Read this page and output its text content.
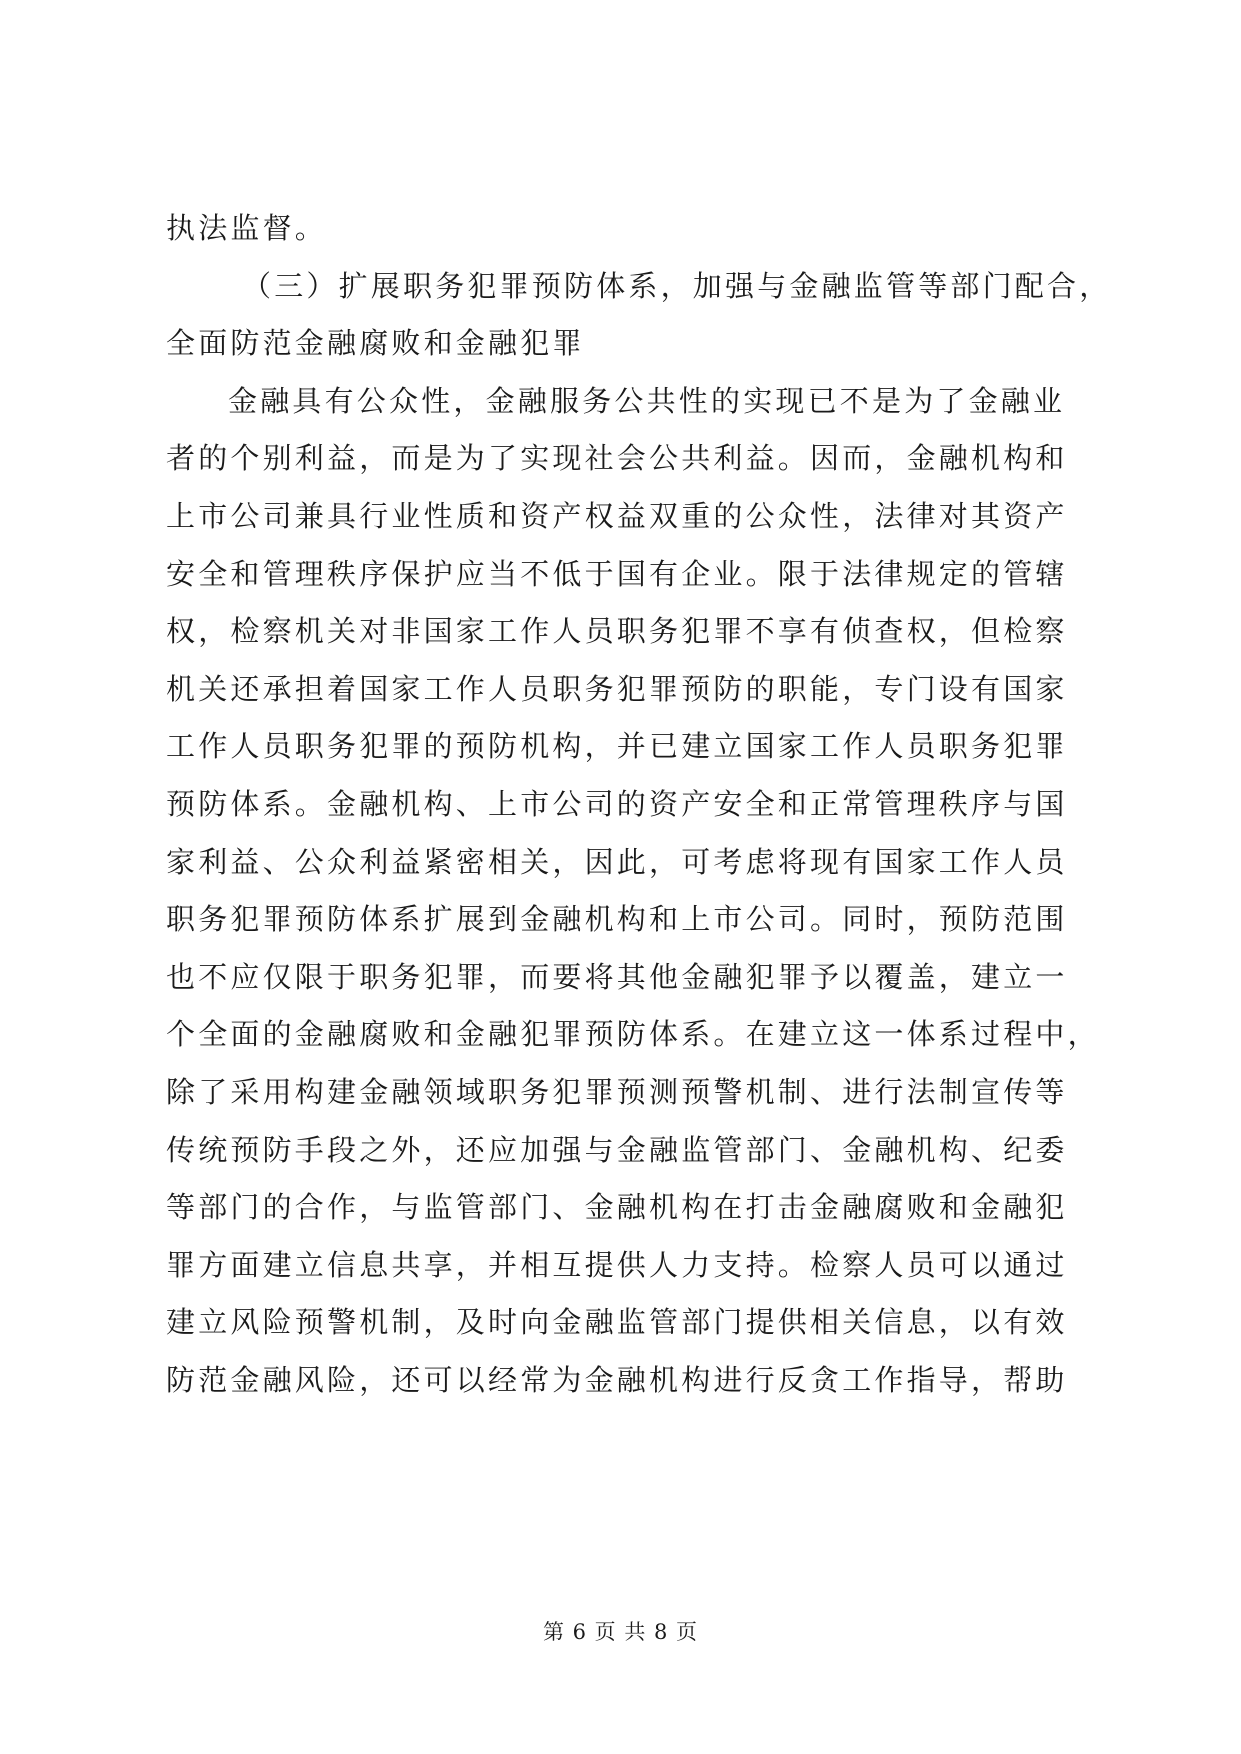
执法监督。
（三）扩展职务犯罪预防体系，加强与金融监管等部门配合，
全面防范金融腐败和金融犯罪
金融具有公众性，金融服务公共性的实现已不是为了金融业
者的个别利益，而是为了实现社会公共利益。因而，金融机构和
上市公司兼具行业性质和资产权益双重的公众性，法律对其资产
安全和管理秩序保护应当不低于国有企业。限于法律规定的管辖
权，检察机关对非国家工作人员职务犯罪不享有侦查权，但检察
机关还承担着国家工作人员职务犯罪预防的职能，专门设有国家
工作人员职务犯罪的预防机构，并已建立国家工作人员职务犯罪
预防体系。金融机构、上市公司的资产安全和正常管理秩序与国
家利益、公众利益紧密相关，因此，可考虑将现有国家工作人员
职务犯罪预防体系扩展到金融机构和上市公司。同时，预防范围
也不应仅限于职务犯罪，而要将其他金融犯罪予以覆盖，建立一
个全面的金融腐败和金融犯罪预防体系。在建立这一体系过程中，
除了采用构建金融领域职务犯罪预测预警机制、进行法制宣传等
传统预防手段之外，还应加强与金融监管部门、金融机构、纪委
等部门的合作，与监管部门、金融机构在打击金融腐败和金融犯
罪方面建立信息共享，并相互提供人力支持。检察人员可以通过
建立风险预警机制，及时向金融监管部门提供相关信息，以有效
防范金融风险，还可以经常为金融机构进行反贪工作指导，帮助
第 6 页 共 8 页
